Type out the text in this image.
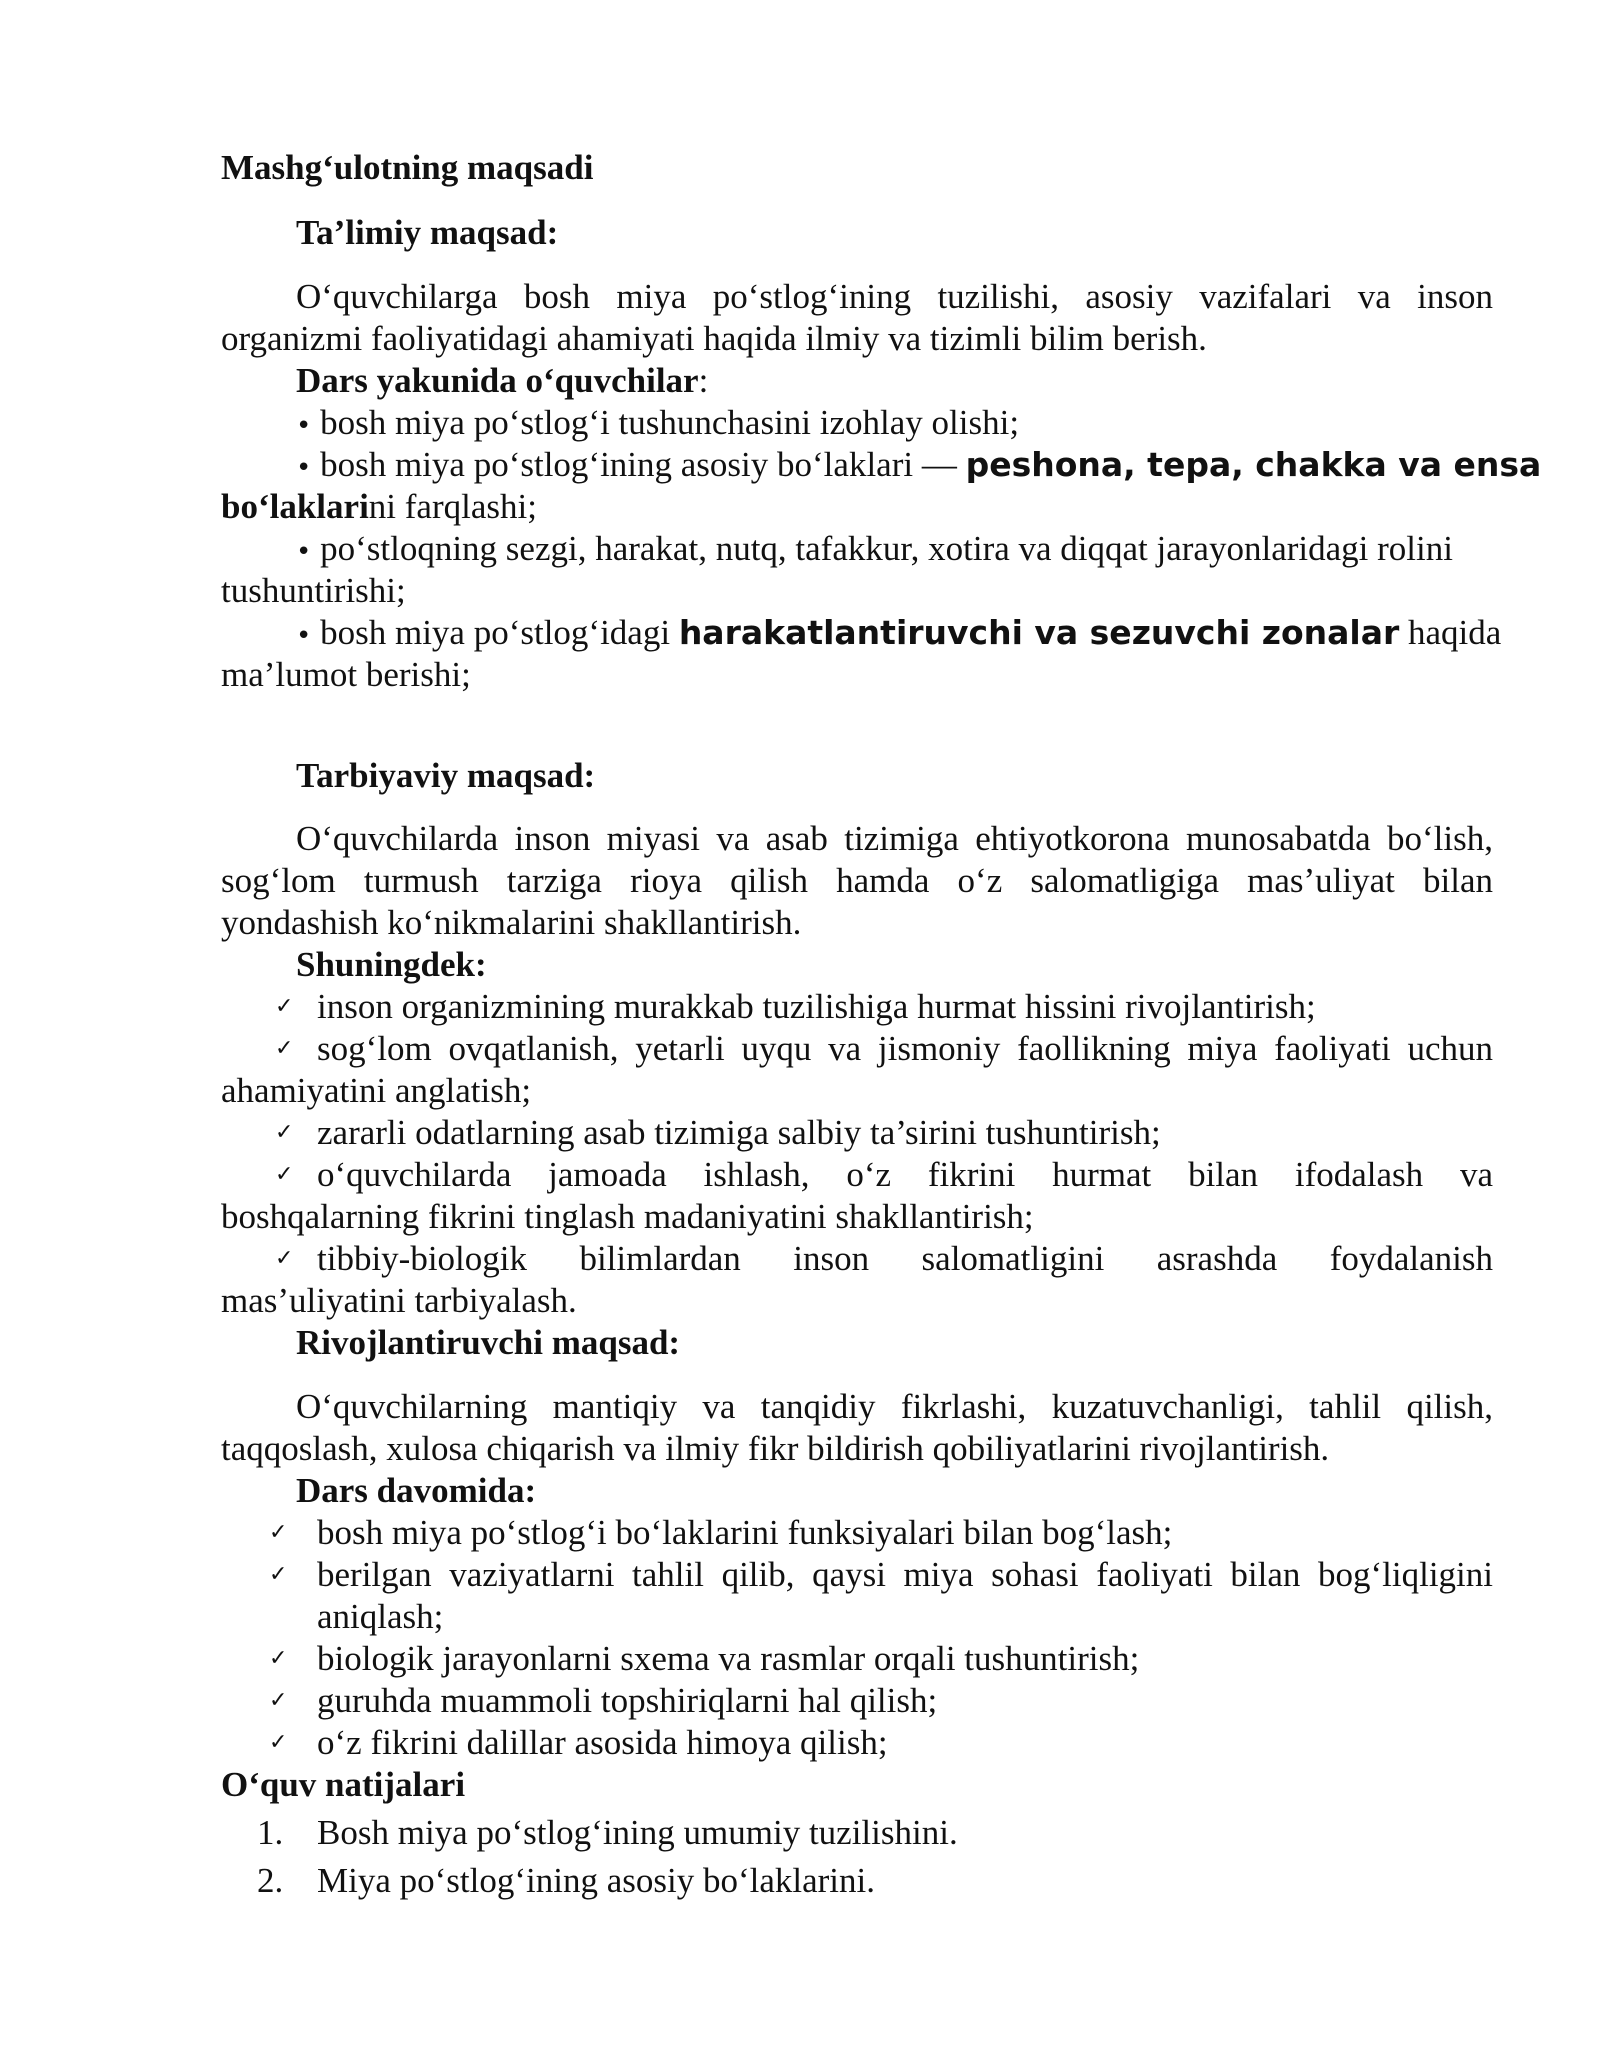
Mashg‘ulotning maqsadi
Ta’limiy maqsad:
O‘quvchilarga bosh miya po‘stlog‘ining tuzilishi, asosiy vazifalari va inson
organizmi faoliyatidagi ahamiyati haqida ilmiy va tizimli bilim berish.
Dars yakunida o‘quvchilar:
• bosh miya po‘stlog‘i tushunchasini izohlay olishi;
• bosh miya po‘stlog‘ining asosiy bo‘laklari — peshona, tepa, chakka va ensa
bo‘laklarini farqlashi;
• po‘stloqning sezgi, harakat, nutq, tafakkur, xotira va diqqat jarayonlaridagi rolini
tushuntirishi;
• bosh miya po‘stlog‘idagi harakatlantiruvchi va sezuvchi zonalar haqida
ma’lumot berishi;
Tarbiyaviy maqsad:
O‘quvchilarda inson miyasi va asab tizimiga ehtiyotkorona munosabatda bo‘lish,
sog‘lom turmush tarziga rioya qilish hamda o‘z salomatligiga mas’uliyat bilan
yondashish ko‘nikmalarini shakllantirish.
Shuningdek:
✓ inson organizmining murakkab tuzilishiga hurmat hissini rivojlantirish;
✓ sog‘lom ovqatlanish, yetarli uyqu va jismoniy faollikning miya faoliyati uchun
ahamiyatini anglatish;
✓ zararli odatlarning asab tizimiga salbiy ta’sirini tushuntirish;
✓ o‘quvchilarda jamoada ishlash, o‘z fikrini hurmat bilan ifodalash va
boshqalarning fikrini tinglash madaniyatini shakllantirish;
✓ tibbiy-biologik bilimlardan inson salomatligini asrashda foydalanish
mas’uliyatini tarbiyalash.
Rivojlantiruvchi maqsad:
O‘quvchilarning mantiqiy va tanqidiy fikrlashi, kuzatuvchanligi, tahlil qilish,
taqqoslash, xulosa chiqarish va ilmiy fikr bildirish qobiliyatlarini rivojlantirish.
Dars davomida:
✓ bosh miya po‘stlog‘i bo‘laklarini funksiyalari bilan bog‘lash;
✓ berilgan vaziyatlarni tahlil qilib, qaysi miya sohasi faoliyati bilan bog‘liqligini
aniqlash;
✓ biologik jarayonlarni sxema va rasmlar orqali tushuntirish;
✓ guruhda muammoli topshiriqlarni hal qilish;
✓ o‘z fikrini dalillar asosida himoya qilish;
O‘quv natijalari
1. Bosh miya po‘stlog‘ining umumiy tuzilishini.
2. Miya po‘stlog‘ining asosiy bo‘laklarini.
